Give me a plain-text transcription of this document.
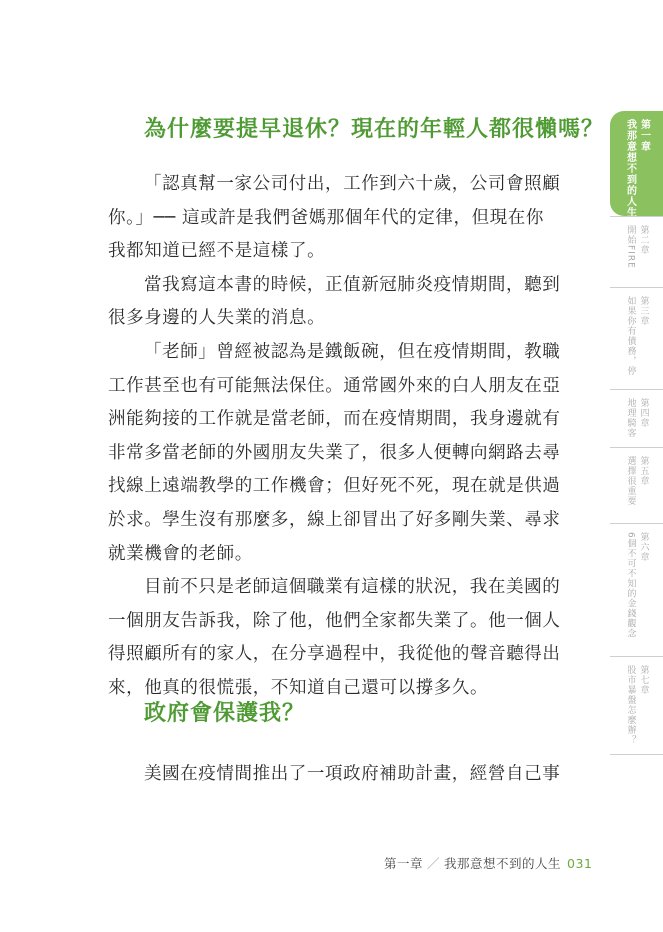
為什麼要提早退休？現在的年輕人都很懶嗎？
「認真幫一家公司付出，工作到六十歲，公司會照顧
你。」── 這或許是我們爸媽那個年代的定律，但現在你
我都知道已經不是這樣了。
當我寫這本書的時候，正值新冠肺炎疫情期間，聽到
很多身邊的人失業的消息。
「老師」曾經被認為是鐵飯碗，但在疫情期間，教職
工作甚至也有可能無法保住。通常國外來的白人朋友在亞
洲能夠接的工作就是當老師，而在疫情期間，我身邊就有
非常多當老師的外國朋友失業了，很多人便轉向網路去尋
找線上遠端教學的工作機會；但好死不死，現在就是供過
於求。學生沒有那麼多，線上卻冒出了好多剛失業、尋求
就業機會的老師。
目前不只是老師這個職業有這樣的狀況，我在美國的
一個朋友告訴我，除了他，他們全家都失業了。他一個人
得照顧所有的家人，在分享過程中，我從他的聲音聽得出
來，他真的很慌張，不知道自己還可以撐多久。
政府會保護我？
美國在疫情間推出了一項政府補助計畫，經營自己事
第一章
我那意想不到的人生
第二章
開始FIRE
第三章
如果你有債務，停
第四章
地理騎客
第五章
選擇很重要
第六章
6個不可不知的金錢觀念
第七章
股市暴盤怎麼辦？
第一章 ／ 我那意想不到的人生 031
